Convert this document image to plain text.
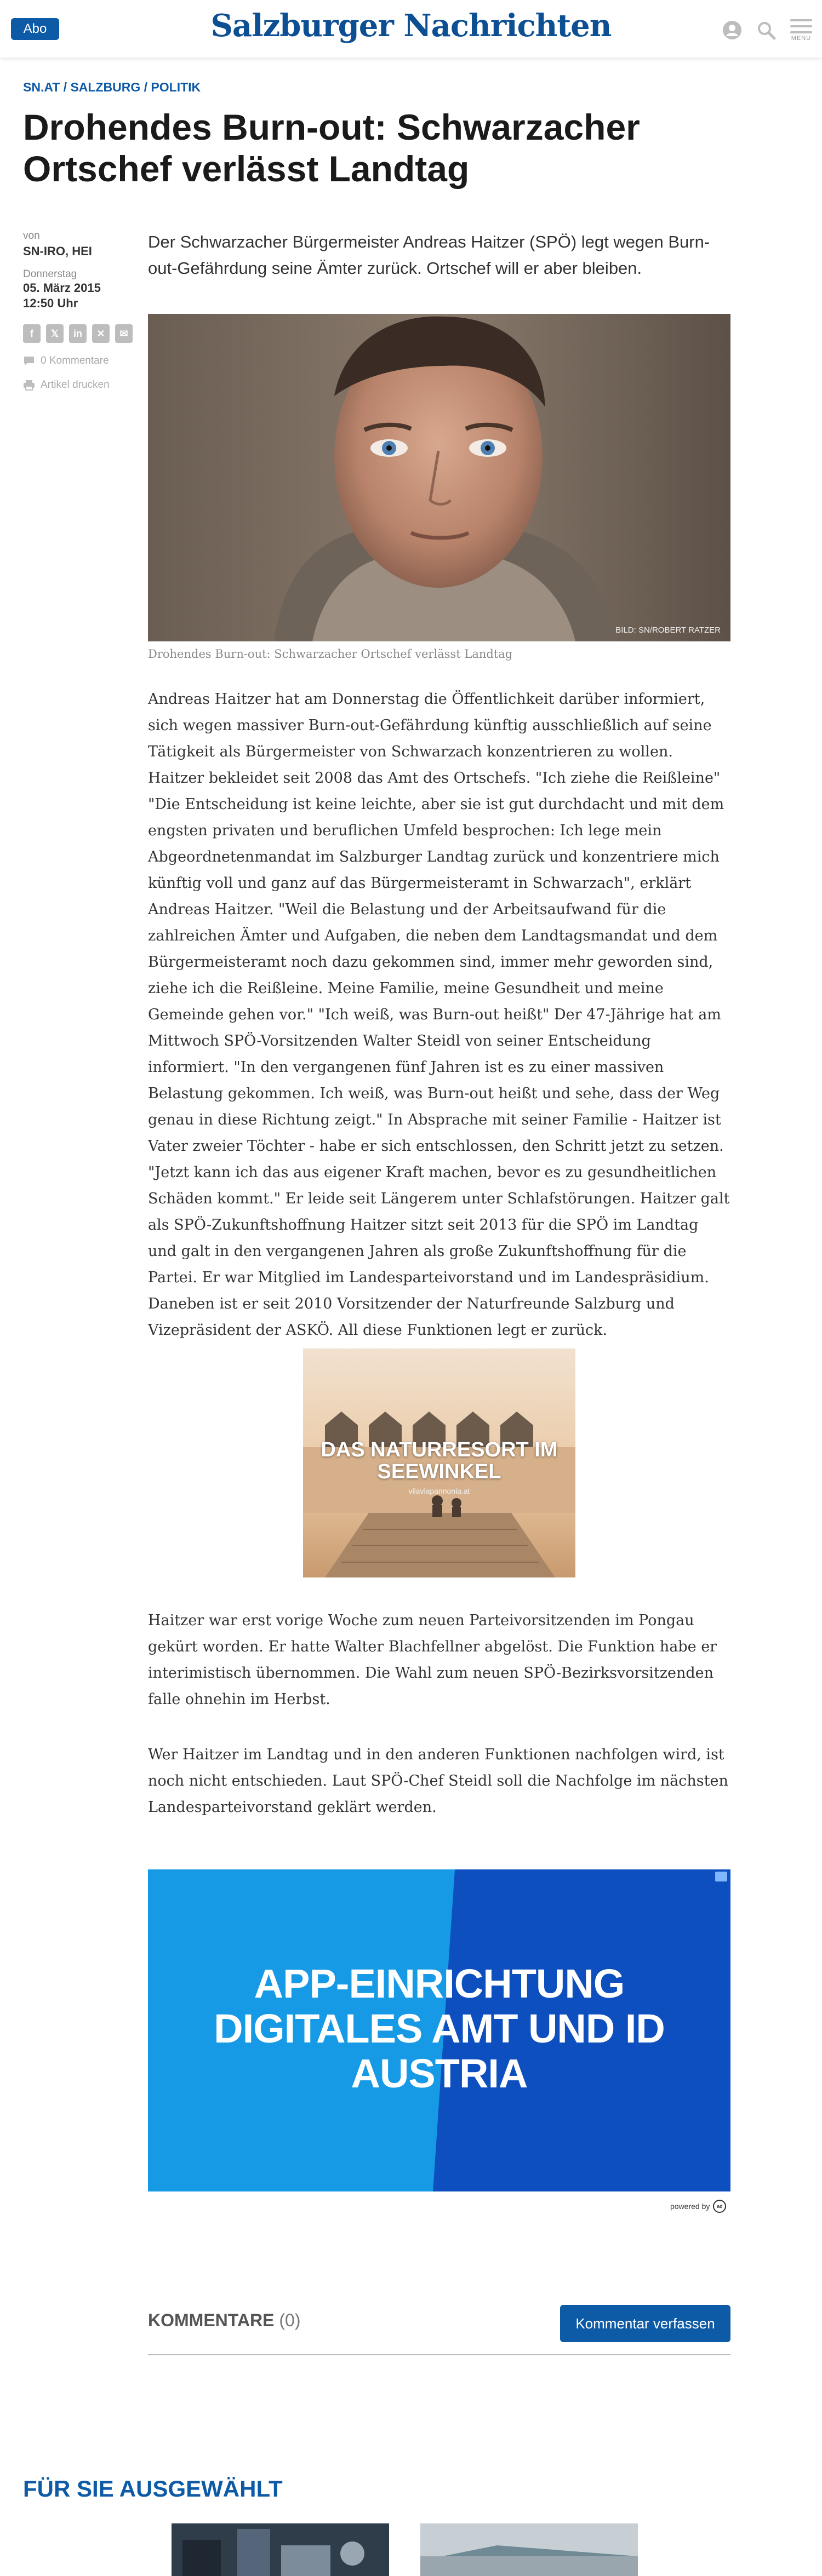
Abo	Salzburger Nachrichten	MENU
SN.AT / SALZBURG / POLITIK
Drohendes Burn-out: Schwarzacher Ortschef verlässt Landtag
von
SN-IRO, HEI
Donnerstag
05. März 2015
12:50 Uhr
f	𝕏	in	✕	✉
0 Kommentare
Artikel drucken

Der Schwarzacher Bürgermeister Andreas Haitzer (SPÖ) legt wegen Burn-out-Gefährdung seine Ämter zurück. Ortschef will er aber bleiben.

BILD: SN/ROBERT RATZER
Drohendes Burn-out: Schwarzacher Ortschef verlässt Landtag

Andreas Haitzer hat am Donnerstag die Öffentlichkeit darüber informiert, sich wegen massiver Burn-out-Gefährdung künftig ausschließlich auf seine Tätigkeit als Bürgermeister von Schwarzach konzentrieren zu wollen. Haitzer bekleidet seit 2008 das Amt des Ortschefs. "Ich ziehe die Reißleine" "Die Entscheidung ist keine leichte, aber sie ist gut durchdacht und mit dem engsten privaten und beruflichen Umfeld besprochen: Ich lege mein Abgeordnetenmandat im Salzburger Landtag zurück und konzentriere mich künftig voll und ganz auf das Bürgermeisteramt in Schwarzach", erklärt Andreas Haitzer. "Weil die Belastung und der Arbeitsaufwand für die zahlreichen Ämter und Aufgaben, die neben dem Landtagsmandat und dem Bürgermeisteramt noch dazu gekommen sind, immer mehr geworden sind, ziehe ich die Reißleine. Meine Familie, meine Gesundheit und meine Gemeinde gehen vor." "Ich weiß, was Burn-out heißt" Der 47-Jährige hat am Mittwoch SPÖ-Vorsitzenden Walter Steidl von seiner Entscheidung informiert. "In den vergangenen fünf Jahren ist es zu einer massiven Belastung gekommen. Ich weiß, was Burn-out heißt und sehe, dass der Weg genau in diese Richtung zeigt." In Absprache mit seiner Familie - Haitzer ist Vater zweier Töchter - habe er sich entschlossen, den Schritt jetzt zu setzen. "Jetzt kann ich das aus eigener Kraft machen, bevor es zu gesundheitlichen Schäden kommt." Er leide seit Längerem unter Schlafstörungen. Haitzer galt als SPÖ-Zukunftshoffnung Haitzer sitzt seit 2013 für die SPÖ im Landtag und galt in den vergangenen Jahren als große Zukunftshoffnung für die Partei. Er war Mitglied im Landesparteivorstand und im Landespräsidium. Daneben ist er seit 2010 Vorsitzender der Naturfreunde Salzburg und Vizepräsident der ASKÖ. All diese Funktionen legt er zurück.

DAS NATURRESORT IM SEEWINKEL
vilaviapannonia.at

Haitzer war erst vorige Woche zum neuen Parteivorsitzenden im Pongau gekürt worden. Er hatte Walter Blachfellner abgelöst. Die Funktion habe er interimistisch übernommen. Die Wahl zum neuen SPÖ-Bezirksvorsitzenden falle ohnehin im Herbst.

Wer Haitzer im Landtag und in den anderen Funktionen nachfolgen wird, ist noch nicht entschieden. Laut SPÖ-Chef Steidl soll die Nachfolge im nächsten Landesparteivorstand geklärt werden.

APP-EINRICHTUNG DIGITALES AMT UND ID AUSTRIA
powered by	ad
KOMMENTARE (0)	Kommentar verfassen
FÜR SIE AUSGEWÄHLT
